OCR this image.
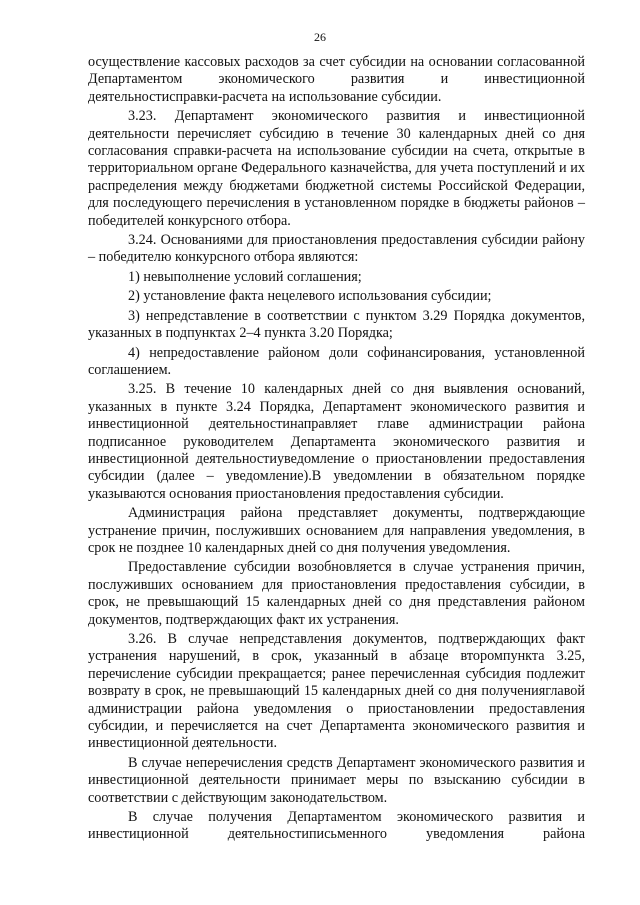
26

осуществление кассовых расходов за счет субсидии на основании согласованной Департаментом экономического развития и инвестиционной деятельностисправки-расчета на использование субсидии.

3.23. Департамент экономического развития и инвестиционной деятельности перечисляет субсидию в течение 30 календарных дней со дня согласования справки-расчета на использование субсидии на счета, открытые в территориальном органе Федерального казначейства, для учета поступлений и их распределения между бюджетами бюджетной системы Российской Федерации, для последующего перечисления в установленном порядке в бюджеты районов – победителей конкурсного отбора.

3.24. Основаниями для приостановления предоставления субсидии району – победителю конкурсного отбора являются:

1) невыполнение условий соглашения;

2) установление факта нецелевого использования субсидии;

3) непредставление в соответствии с пунктом 3.29 Порядка документов, указанных в подпунктах 2–4 пункта 3.20 Порядка;

4) непредоставление районом доли софинансирования, установленной соглашением.

3.25. В течение 10 календарных дней со дня выявления оснований, указанных в пункте 3.24 Порядка, Департамент экономического развития и инвестиционной деятельностинаправляет главе администрации района подписанное руководителем Департамента экономического развития и инвестиционной деятельностиуведомление о приостановлении предоставления субсидии (далее – уведомление).В уведомлении в обязательном порядке указываются основания приостановления предоставления субсидии.

Администрация района представляет документы, подтверждающие устранение причин, послуживших основанием для направления уведомления, в срок не позднее 10 календарных дней со дня получения уведомления.

Предоставление субсидии возобновляется в случае устранения причин, послуживших основанием для приостановления предоставления субсидии, в срок, не превышающий 15 календарных дней со дня представления районом документов, подтверждающих факт их устранения.

3.26. В случае непредставления документов, подтверждающих факт устранения нарушений, в срок, указанный в абзаце второмпункта 3.25, перечисление субсидии прекращается; ранее перечисленная субсидия подлежит возврату в срок, не превышающий 15 календарных дней со дня полученияглавой администрации района уведомления о приостановлении предоставления субсидии, и перечисляется на счет Департамента экономического развития и инвестиционной деятельности.

В случае неперечисления средств Департамент экономического развития и инвестиционной деятельности принимает меры по взысканию субсидии в соответствии с действующим законодательством.

В случае получения Департаментом экономического развития и инвестиционной деятельностиписьменного уведомления района
